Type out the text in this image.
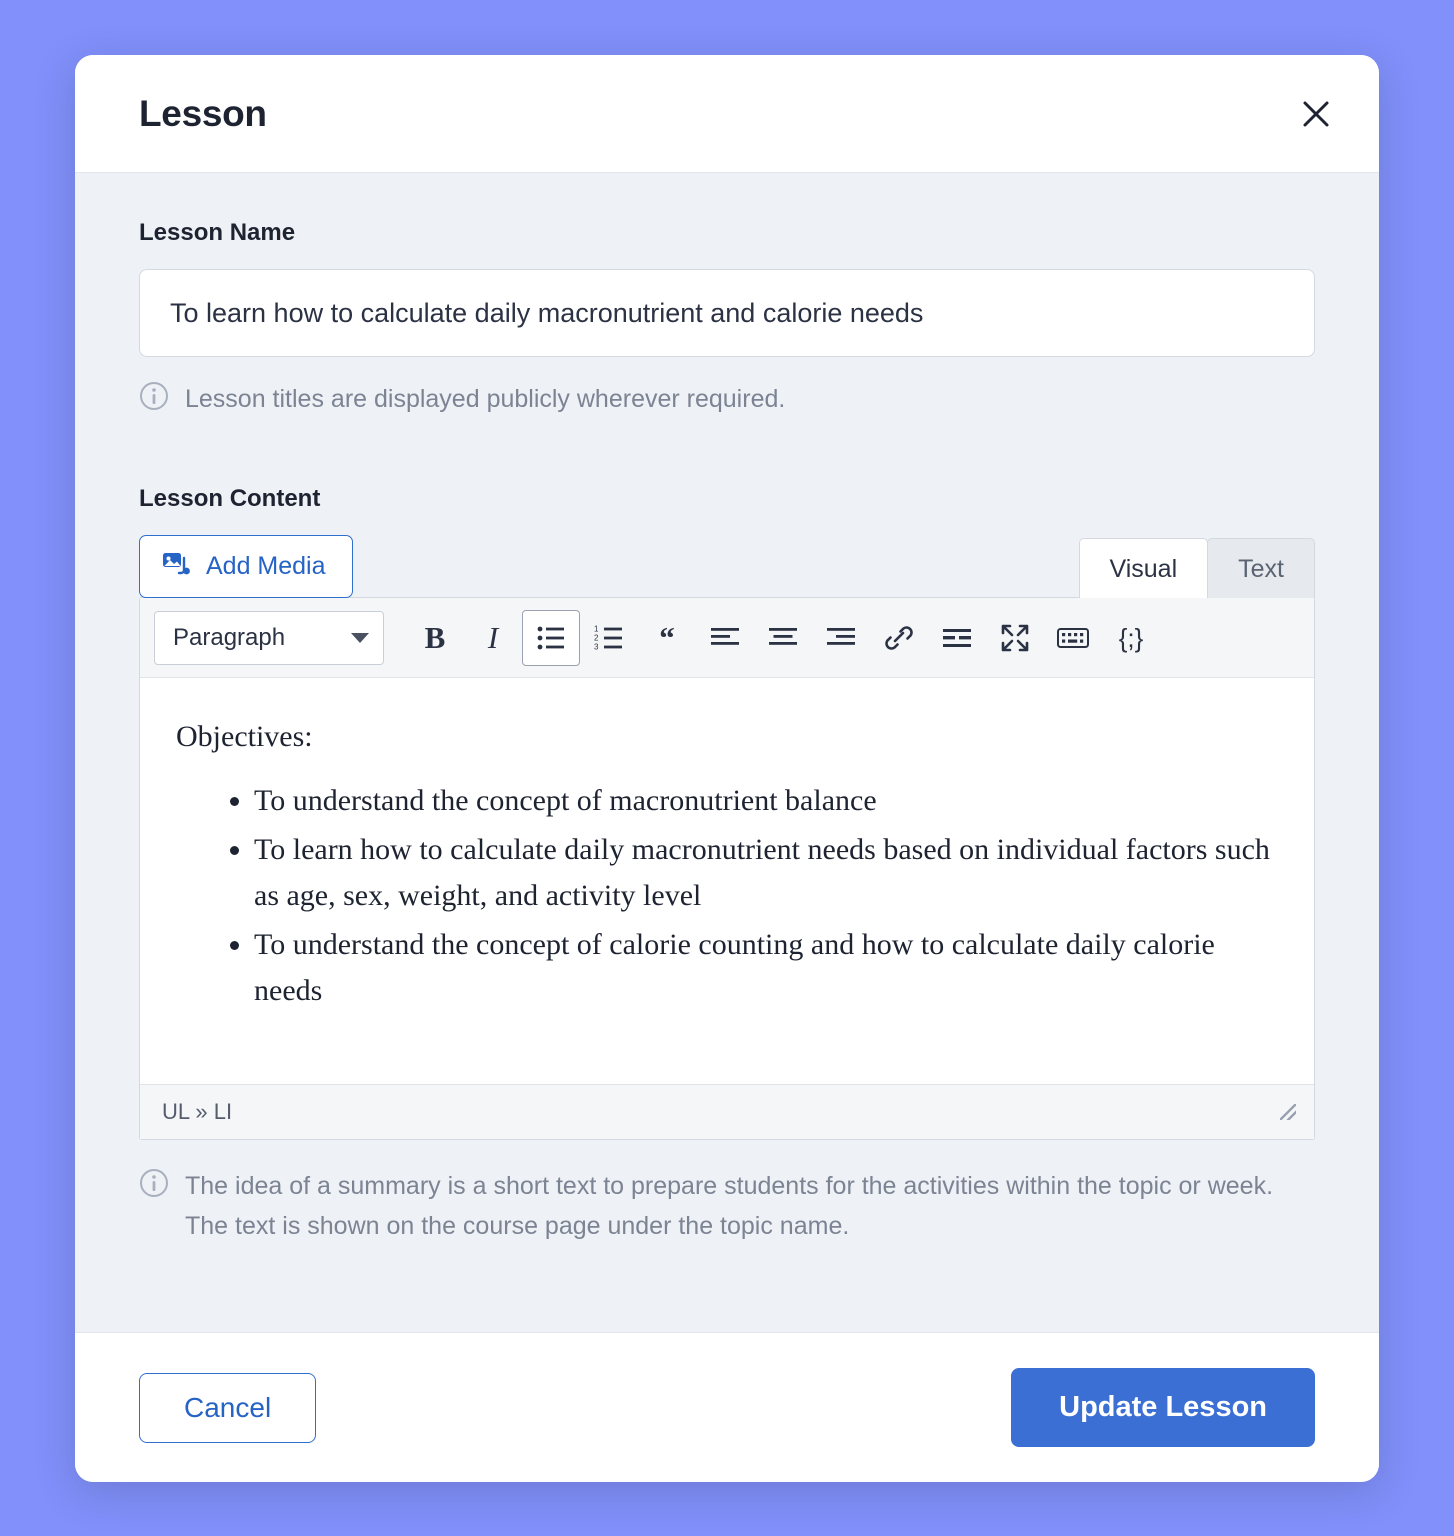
Lesson
Lesson Name
To learn how to calculate daily macronutrient and calorie needs
Lesson titles are displayed publicly wherever required.
Lesson Content
Add Media	Visual	Text
Paragraph	B I	1
2
3 “	{;}

Objectives:

• To understand the concept of macronutrient balance
• To learn how to calculate daily macronutrient needs based on individual factors such as age, sex, weight, and activity level
• To understand the concept of calorie counting and how to calculate daily calorie needs
UL » LI
The idea of a summary is a short text to prepare students for the activities within the topic or week. The text is shown on the course page under the topic name.
Cancel	Update Lesson
